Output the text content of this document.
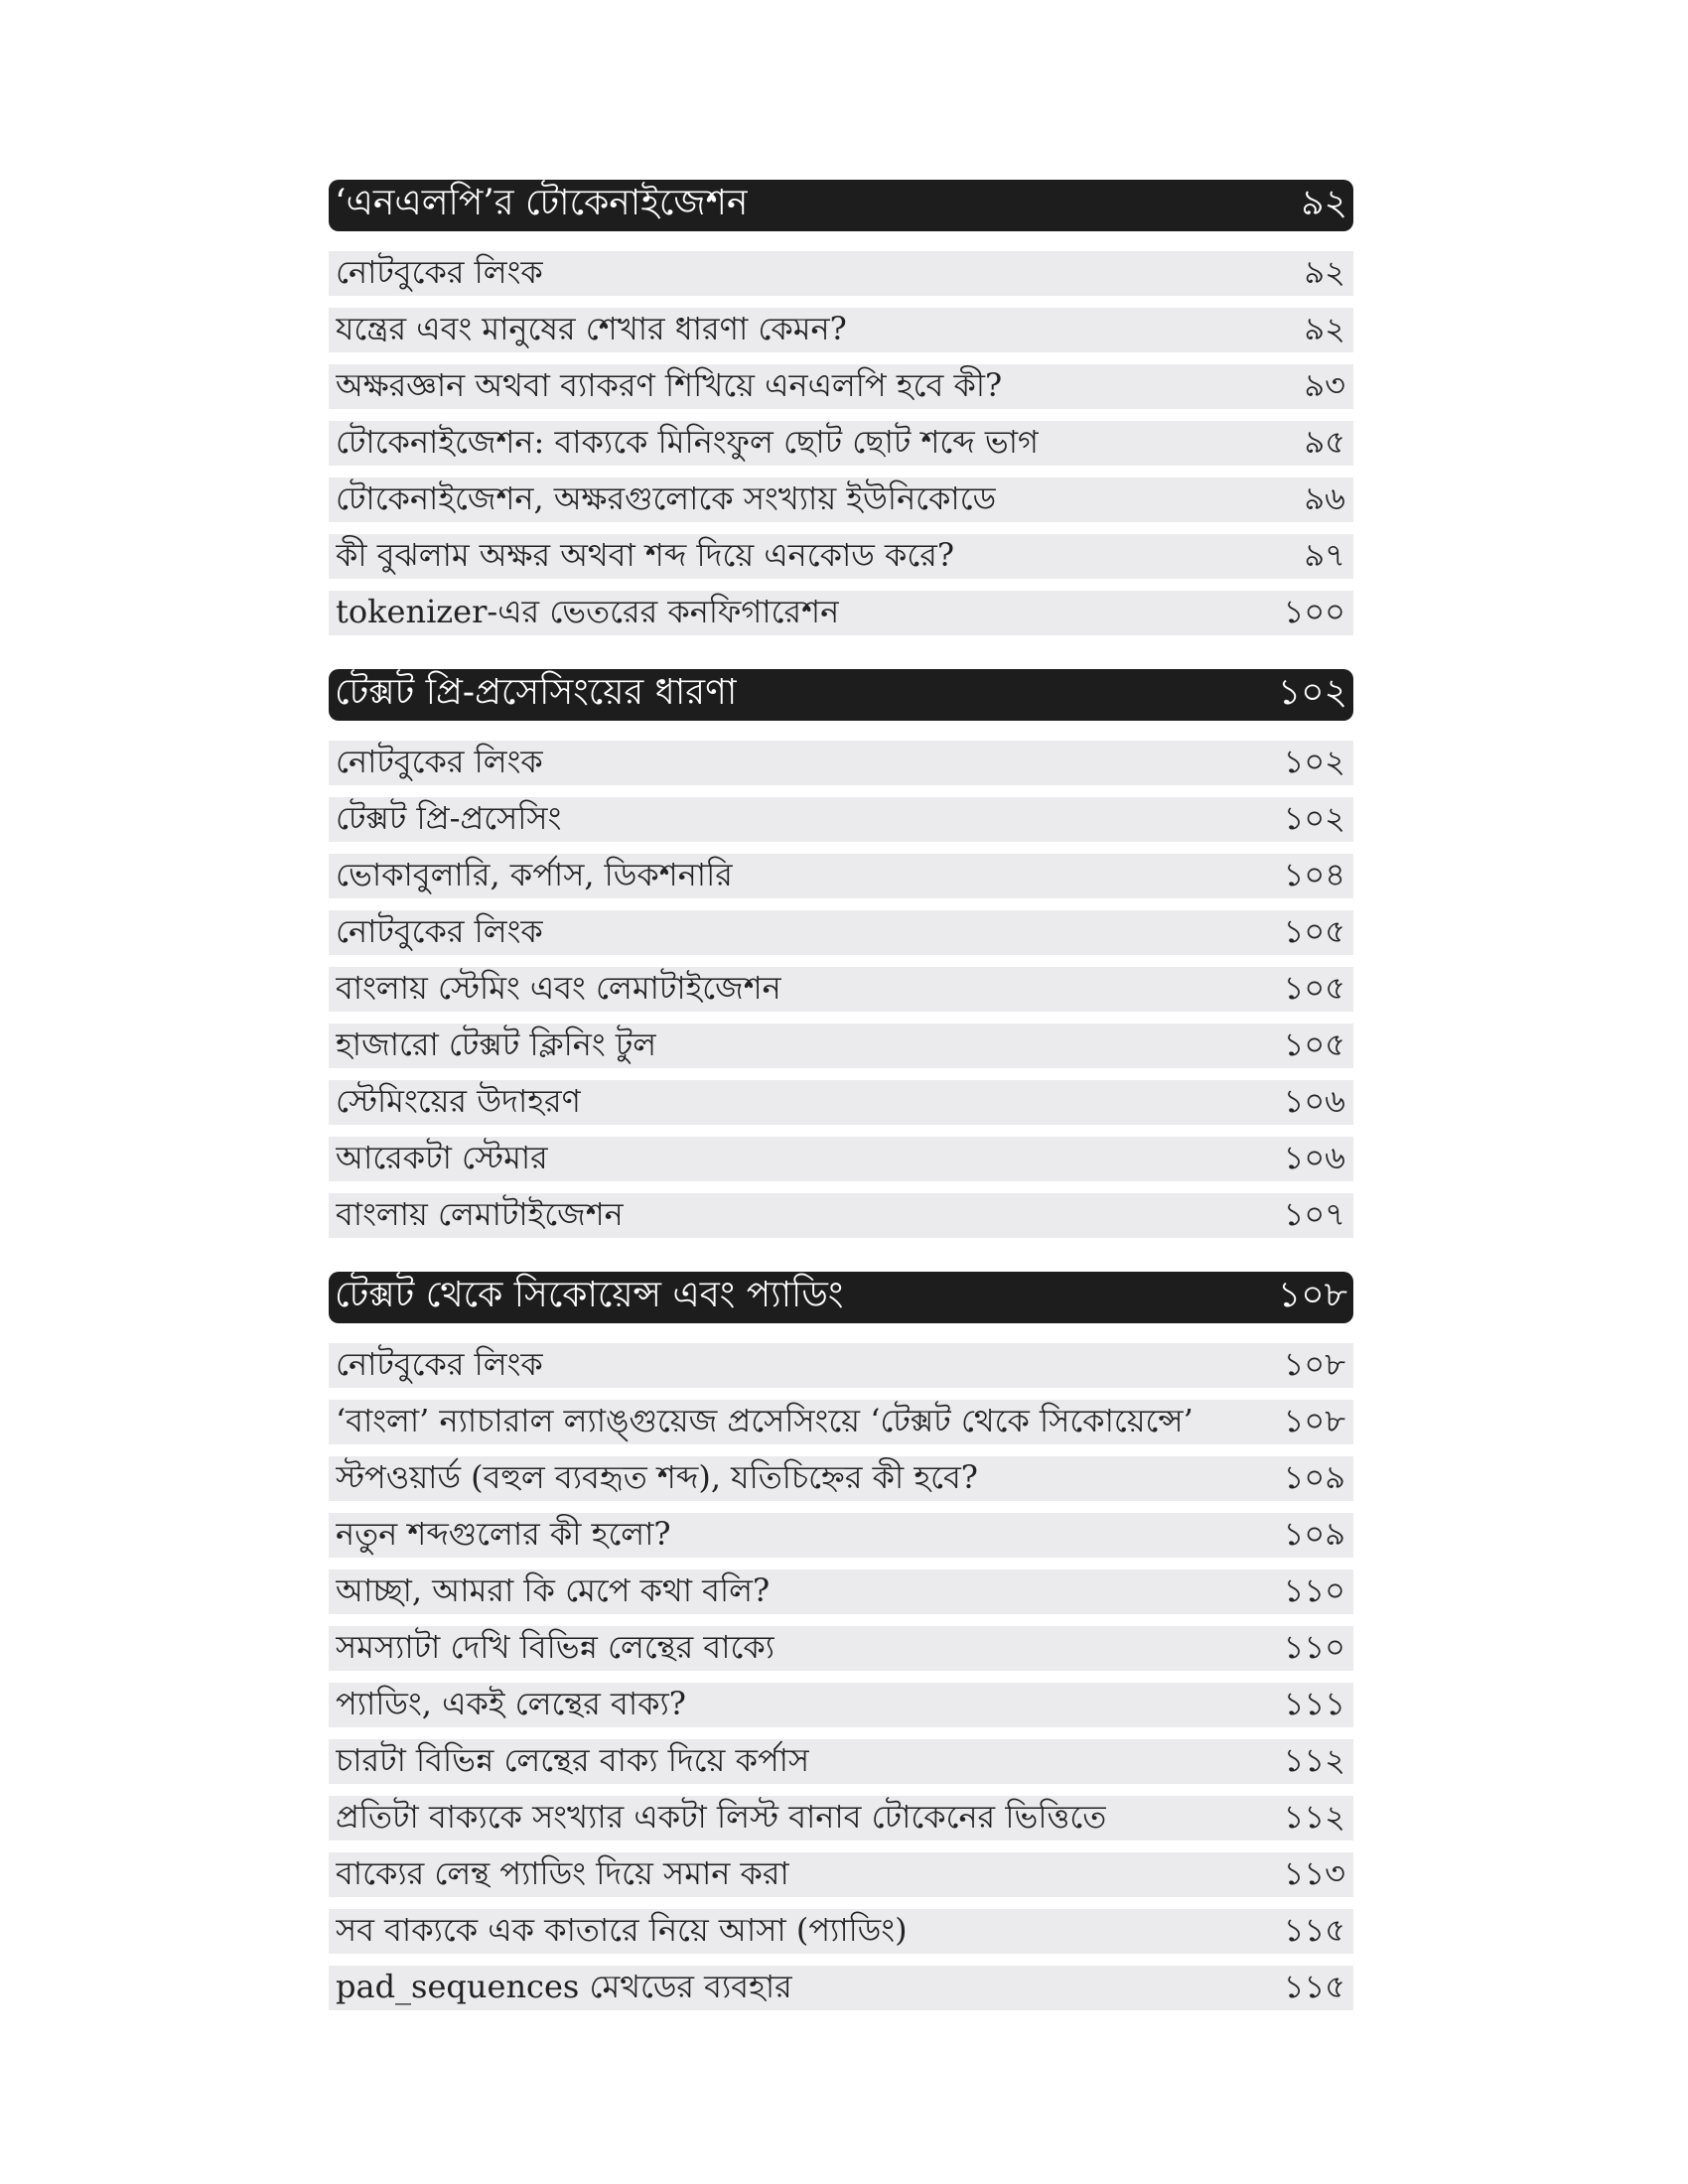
‘এনএলপি’র টোকেনাইজেশন	৯২
নোটবুকের লিংক	৯২
যন্ত্রের এবং মানুষের শেখার ধারণা কেমন?	৯২
অক্ষরজ্ঞান অথবা ব্যাকরণ শিখিয়ে এনএলপি হবে কী?	৯৩
টোকেনাইজেশন: বাক্যকে মিনিংফুল ছোট ছোট শব্দে ভাগ	৯৫
টোকেনাইজেশন, অক্ষরগুলোকে সংখ্যায় ইউনিকোডে	৯৬
কী বুঝলাম অক্ষর অথবা শব্দ দিয়ে এনকোড করে?	৯৭
tokenizer-এর ভেতরের কনফিগারেশন	১০০
টেক্সট প্রি-প্রসেসিংয়ের ধারণা	১০২
নোটবুকের লিংক	১০২
টেক্সট প্রি-প্রসেসিং	১০২
ভোকাবুলারি, কর্পাস, ডিকশনারি	১০৪
নোটবুকের লিংক	১০৫
বাংলায় স্টেমিং এবং লেমাটাইজেশন	১০৫
হাজারো টেক্সট ক্লিনিং টুল	১০৫
স্টেমিংয়ের উদাহরণ	১০৬
আরেকটা স্টেমার	১০৬
বাংলায় লেমাটাইজেশন	১০৭
টেক্সট থেকে সিকোয়েন্স এবং প্যাডিং	১০৮
নোটবুকের লিংক	১০৮
‘বাংলা’ ন্যাচারাল ল্যাঙ্গুয়েজ প্রসেসিংয়ে ‘টেক্সট থেকে সিকোয়েন্সে’	১০৮
স্টপওয়ার্ড (বহুল ব্যবহৃত শব্দ), যতিচিহ্নের কী হবে?	১০৯
নতুন শব্দগুলোর কী হলো?	১০৯
আচ্ছা, আমরা কি মেপে কথা বলি?	১১০
সমস্যাটা দেখি বিভিন্ন লেন্থের বাক্যে	১১০
প্যাডিং, একই লেন্থের বাক্য?	১১১
চারটা বিভিন্ন লেন্থের বাক্য দিয়ে কর্পাস	১১২
প্রতিটা বাক্যকে সংখ্যার একটা লিস্ট বানাব টোকেনের ভিত্তিতে	১১২
বাক্যের লেন্থ প্যাডিং দিয়ে সমান করা	১১৩
সব বাক্যকে এক কাতারে নিয়ে আসা (প্যাডিং)	১১৫
pad_sequences মেথডের ব্যবহার	১১৫
